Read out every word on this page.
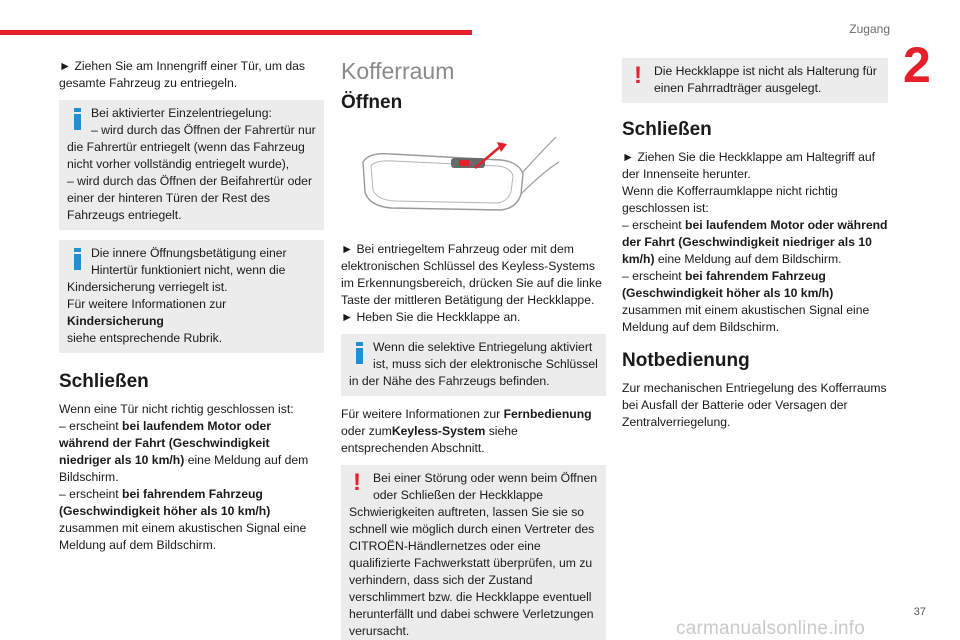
Zugang
2

► Ziehen Sie am Innengriff einer Tür, um das gesamte Fahrzeug zu entriegeln.

Bei aktivierter Einzelentriegelung:

– wird durch das Öffnen der Fahrertür nur

die Fahrertür entriegelt (wenn das Fahrzeug nicht vorher vollständig entriegelt wurde),

– wird durch das Öffnen der Beifahrertür oder einer der hinteren Türen der Rest des Fahrzeugs entriegelt.

Die innere Öffnungsbetätigung einer

Hintertür funktioniert nicht, wenn die

Kindersicherung verriegelt ist.

Für weitere Informationen zur Kindersicherung

siehe entsprechende Rubrik.

Schließen

Wenn eine Tür nicht richtig geschlossen ist:

– erscheint bei laufendem Motor oder während der Fahrt (Geschwindigkeit niedriger als 10 km/h) eine Meldung auf dem Bildschirm.

– erscheint bei fahrendem Fahrzeug (Geschwindigkeit höher als 10 km/h) zusammen mit einem akustischen Signal eine Meldung auf dem Bildschirm.

Kofferraum
Öffnen

► Bei entriegeltem Fahrzeug oder mit dem elektronischen Schlüssel des Keyless-Systems im Erkennungsbereich, drücken Sie auf die linke Taste der mittleren Betätigung der Heckklappe.

► Heben Sie die Heckklappe an.

Wenn die selektive Entriegelung aktiviert

ist, muss sich der elektronische Schlüssel

in der Nähe des Fahrzeugs befinden.

Für weitere Informationen zur Fernbedienung oder zumKeyless-System siehe entsprechenden Abschnitt.

! Bei einer Störung oder wenn beim Öffnen

oder Schließen der Heckklappe

Schwierigkeiten auftreten, lassen Sie sie so schnell wie möglich durch einen Vertreter des CITROËN-Händlernetzes oder eine qualifizierte Fachwerkstatt überprüfen, um zu verhindern, dass sich der Zustand verschlimmert bzw. die Heckklappe eventuell herunterfällt und dabei schwere Verletzungen verursacht.

! Die Heckklappe ist nicht als Halterung für

einen Fahrradträger ausgelegt.

Schließen

► Ziehen Sie die Heckklappe am Haltegriff auf der Innenseite herunter.

Wenn die Kofferraumklappe nicht richtig geschlossen ist:

– erscheint bei laufendem Motor oder während der Fahrt (Geschwindigkeit niedriger als 10 km/h) eine Meldung auf dem Bildschirm.

– erscheint bei fahrendem Fahrzeug (Geschwindigkeit höher als 10 km/h) zusammen mit einem akustischen Signal eine Meldung auf dem Bildschirm.

Notbedienung

Zur mechanischen Entriegelung des Kofferraums bei Ausfall der Batterie oder Versagen der Zentralverriegelung.

37
carmanualsonline.info
